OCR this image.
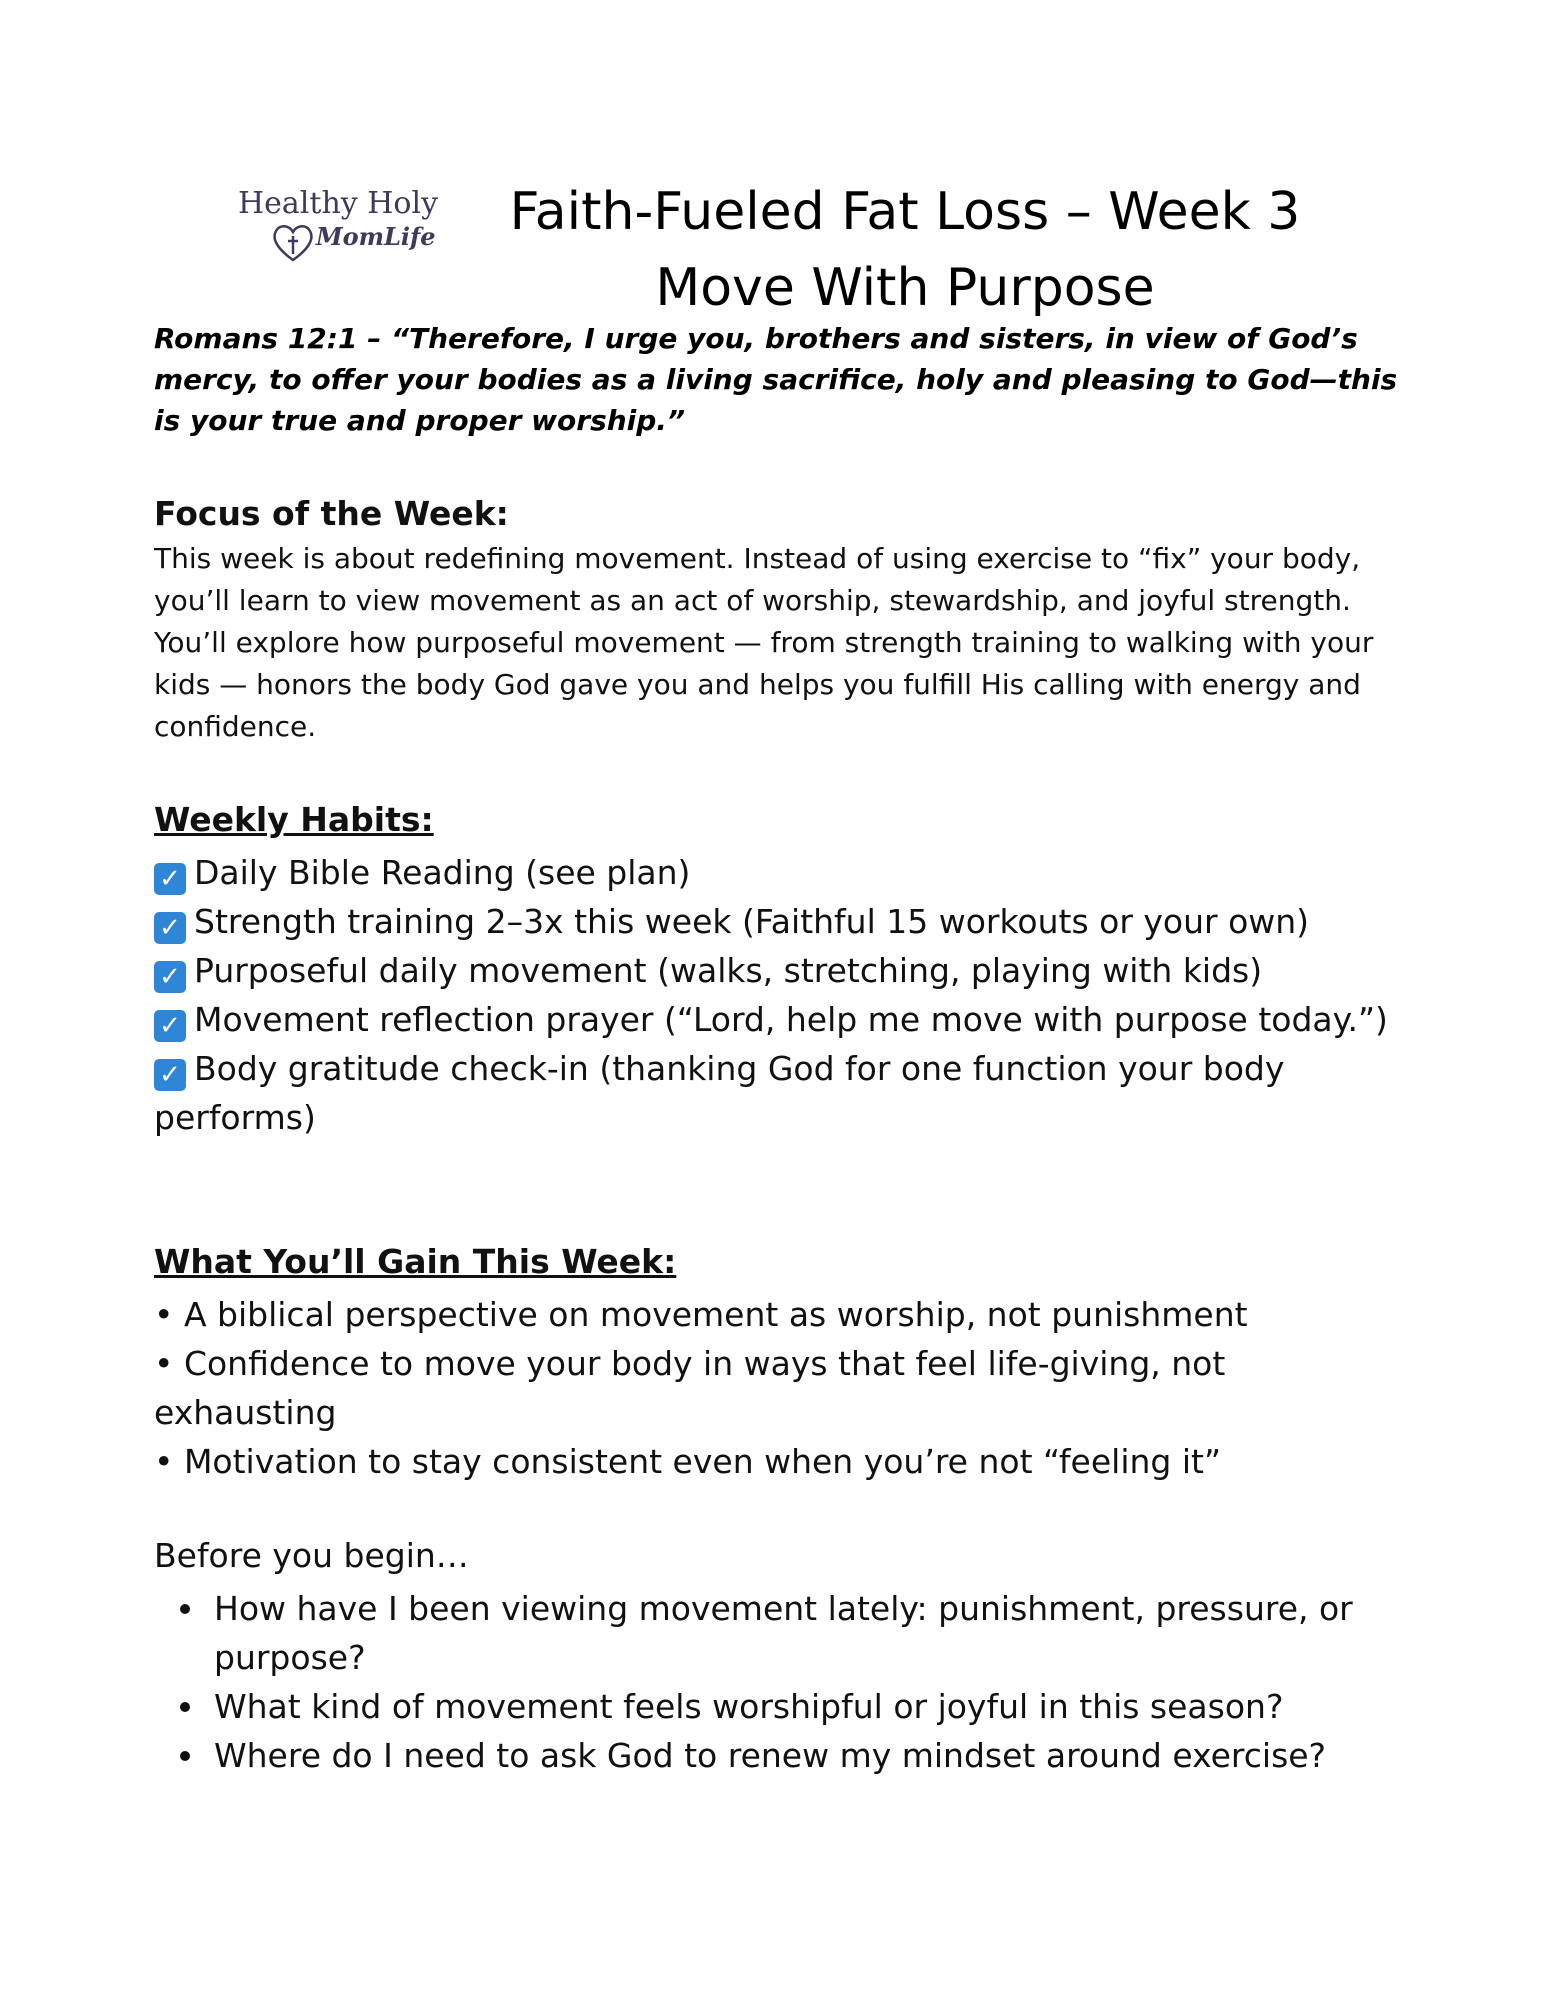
Healthy Holy
MomLife	Faith-Fueled Fat Loss – Week 3
Move With Purpose
Romans 12:1 – “Therefore, I urge you, brothers and sisters, in view of God’s mercy, to offer your bodies as a living sacrifice, holy and pleasing to God—this is your true and proper worship.”
Focus of the Week:
This week is about redefining movement. Instead of using exercise to “fix” your body, you’ll learn to view movement as an act of worship, stewardship, and joyful strength. You’ll explore how purposeful movement — from strength training to walking with your kids — honors the body God gave you and helps you fulfill His calling with energy and confidence.
Weekly Habits:
✓ Daily Bible Reading (see plan)
✓ Strength training 2–3x this week (Faithful 15 workouts or your own)
✓ Purposeful daily movement (walks, stretching, playing with kids)
✓ Movement reflection prayer (“Lord, help me move with purpose today.”)
✓ Body gratitude check-in (thanking God for one function your body performs)
What You’ll Gain This Week:
• A biblical perspective on movement as worship, not punishment
• Confidence to move your body in ways that feel life-giving, not exhausting
• Motivation to stay consistent even when you’re not “feeling it”
Before you begin…
How have I been viewing movement lately: punishment, pressure, or purpose?
What kind of movement feels worshipful or joyful in this season?
Where do I need to ask God to renew my mindset around exercise?
